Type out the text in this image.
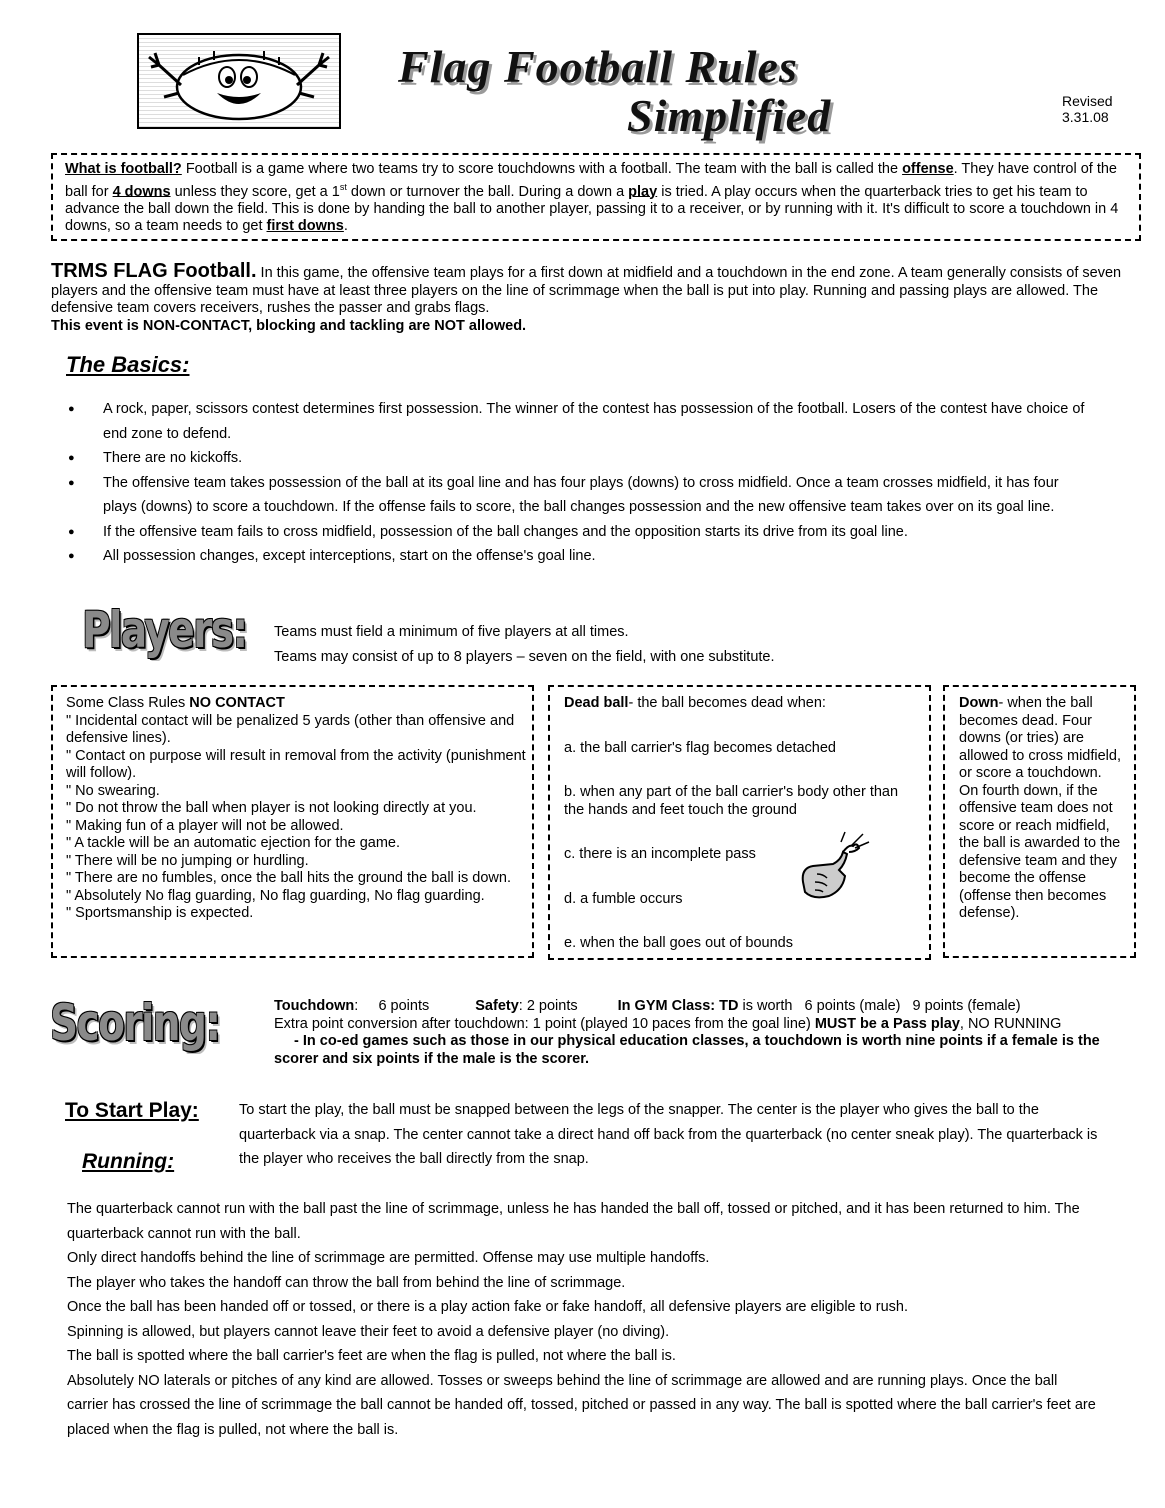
Flag Football Rules
Simplified	Revised
3.31.08
What is football? Football is a game where two teams try to score touchdowns with a football. The team with the ball is called the offense. They have control of the ball for 4 downs unless they score, get a 1st down or turnover the ball. During a down a play is tried. A play occurs when the quarterback tries to get his team to advance the ball down the field. This is done by handing the ball to another player, passing it to a receiver, or by running with it. It's difficult to score a touchdown in 4 downs, so a team needs to get first downs.
TRMS FLAG Football. In this game, the offensive team plays for a first down at midfield and a touchdown in the end zone. A team generally consists of seven players and the offensive team must have at least three players on the line of scrimmage when the ball is put into play. Running and passing plays are allowed. The defensive team covers receivers, rushes the passer and grabs flags.
This event is NON-CONTACT, blocking and tackling are NOT allowed.
The Basics:
● A rock, paper, scissors contest determines first possession. The winner of the contest has possession of the football. Losers of the contest have choice of end zone to defend.
● There are no kickoffs.
● The offensive team takes possession of the ball at its goal line and has four plays (downs) to cross midfield. Once a team crosses midfield, it has four plays (downs) to score a touchdown. If the offense fails to score, the ball changes possession and the new offensive team takes over on its goal line.
● If the offensive team fails to cross midfield, possession of the ball changes and the opposition starts its drive from its goal line.
● All possession changes, except interceptions, start on the offense's goal line.
Players: Teams must field a minimum of five players at all times.
Teams may consist of up to 8 players – seven on the field, with one substitute.
Some Class Rules NO CONTACT
" Incidental contact will be penalized 5 yards (other than offensive and defensive lines).
" Contact on purpose will result in removal from the activity (punishment will follow).
" No swearing.
" Do not throw the ball when player is not looking directly at you.
" Making fun of a player will not be allowed.
" A tackle will be an automatic ejection for the game.
" There will be no jumping or hurdling.
" There are no fumbles, once the ball hits the ground the ball is down.
" Absolutely No flag guarding, No flag guarding, No flag guarding.
" Sportsmanship is expected.
Dead ball- the ball becomes dead when:
a. the ball carrier's flag becomes detached
b. when any part of the ball carrier's body other than the hands and feet touch the ground
c. there is an incomplete pass
d. a fumble occurs
e. when the ball goes out of bounds
Down- when the ball becomes dead. Four downs (or tries) are allowed to cross midfield, or score a touchdown. On fourth down, if the offensive team does not score or reach midfield, the ball is awarded to the defensive team and they become the offense (offense then becomes defense).
Scoring:	Touchdown:     6 points	Safety: 2 points	In GYM Class: TD is worth   6 points (male)   9 points (female)
Extra point conversion after touchdown: 1 point (played 10 paces from the goal line) MUST be a Pass play, NO RUNNING
- In co-ed games such as those in our physical education classes, a touchdown is worth nine points if a female is the scorer and six points if the male is the scorer.
To Start Play:
Running:
To start the play, the ball must be snapped between the legs of the snapper. The center is the player who gives the ball to the quarterback via a snap. The center cannot take a direct hand off back from the quarterback (no center sneak play). The quarterback is the player who receives the ball directly from the snap.
The quarterback cannot run with the ball past the line of scrimmage, unless he has handed the ball off, tossed or pitched, and it has been returned to him. The quarterback cannot run with the ball.
Only direct handoffs behind the line of scrimmage are permitted. Offense may use multiple handoffs.
The player who takes the handoff can throw the ball from behind the line of scrimmage.
Once the ball has been handed off or tossed, or there is a play action fake or fake handoff, all defensive players are eligible to rush.
Spinning is allowed, but players cannot leave their feet to avoid a defensive player (no diving).
The ball is spotted where the ball carrier's feet are when the flag is pulled, not where the ball is.
Absolutely NO laterals or pitches of any kind are allowed. Tosses or sweeps behind the line of scrimmage are allowed and are running plays. Once the ball carrier has crossed the line of scrimmage the ball cannot be handed off, tossed, pitched or passed in any way. The ball is spotted where the ball carrier's feet are placed when the flag is pulled, not where the ball is.
